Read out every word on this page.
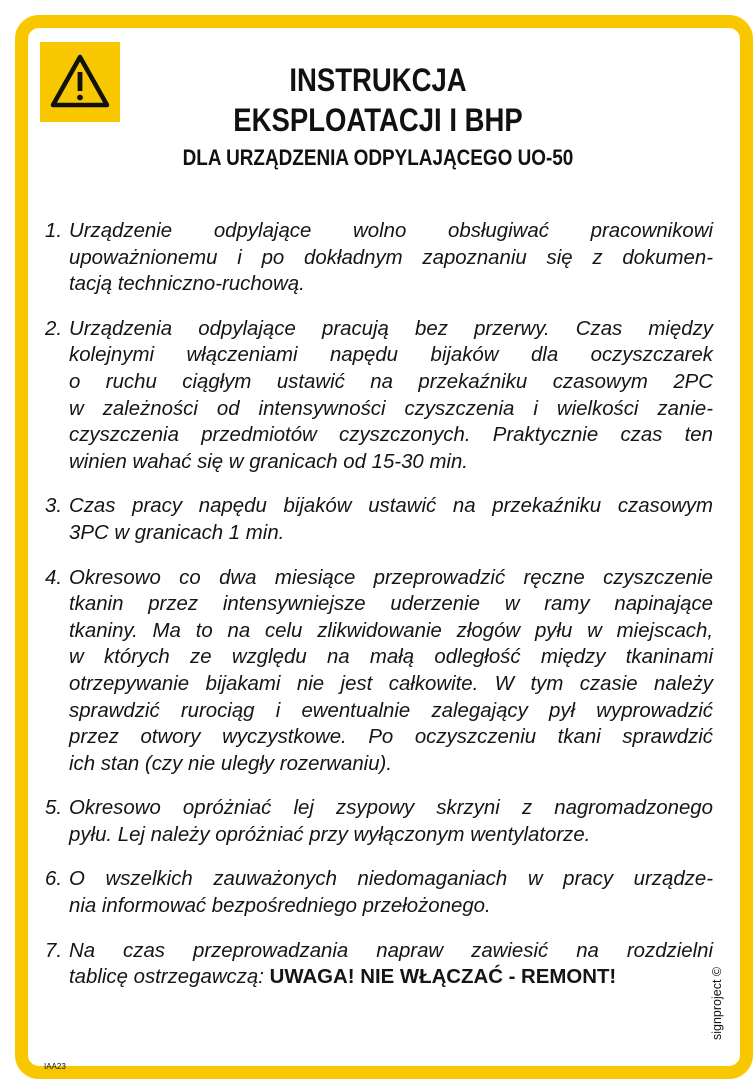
INSTRUKCJA
EKSPLOATACJI I BHP
DLA URZĄDZENIA ODPYLAJĄCEGO UO-50
1. Urządzenie odpylające wolno obsługiwać pracownikowi
upoważnionemu i po dokładnym zapoznaniu się z dokumen-
tacją techniczno-ruchową.
2. Urządzenia odpylające pracują bez przerwy. Czas między
kolejnymi włączeniami napędu bijaków dla oczyszczarek
o ruchu ciągłym ustawić na przekaźniku czasowym 2PC
w zależności od intensywności czyszczenia i wielkości zanie-
czyszczenia przedmiotów czyszczonych. Praktycznie czas ten
winien wahać się w granicach od 15-30 min.
3. Czas pracy napędu bijaków ustawić na przekaźniku czasowym
3PC w granicach 1 min.
4. Okresowo co dwa miesiące przeprowadzić ręczne czyszczenie
tkanin przez intensywniejsze uderzenie w ramy napinające
tkaniny. Ma to na celu zlikwidowanie złogów pyłu w miejscach,
w których ze względu na małą odległość między tkaninami
otrzepywanie bijakami nie jest całkowite. W tym czasie należy
sprawdzić rurociąg i ewentualnie zalegający pył wyprowadzić
przez otwory wyczystkowe. Po oczyszczeniu tkani sprawdzić
ich stan (czy nie uległy rozerwaniu).
5. Okresowo opróżniać lej zsypowy skrzyni z nagromadzonego
pyłu. Lej należy opróżniać przy wyłączonym wentylatorze.
6. O wszelkich zauważonych niedomaganiach w pracy urządze-
nia informować bezpośredniego przełożonego.
7. Na czas przeprowadzania napraw zawiesić na rozdzielni
tablicę ostrzegawczą: UWAGA! NIE WŁĄCZAĆ - REMONT!	signproject ©
IAA23
